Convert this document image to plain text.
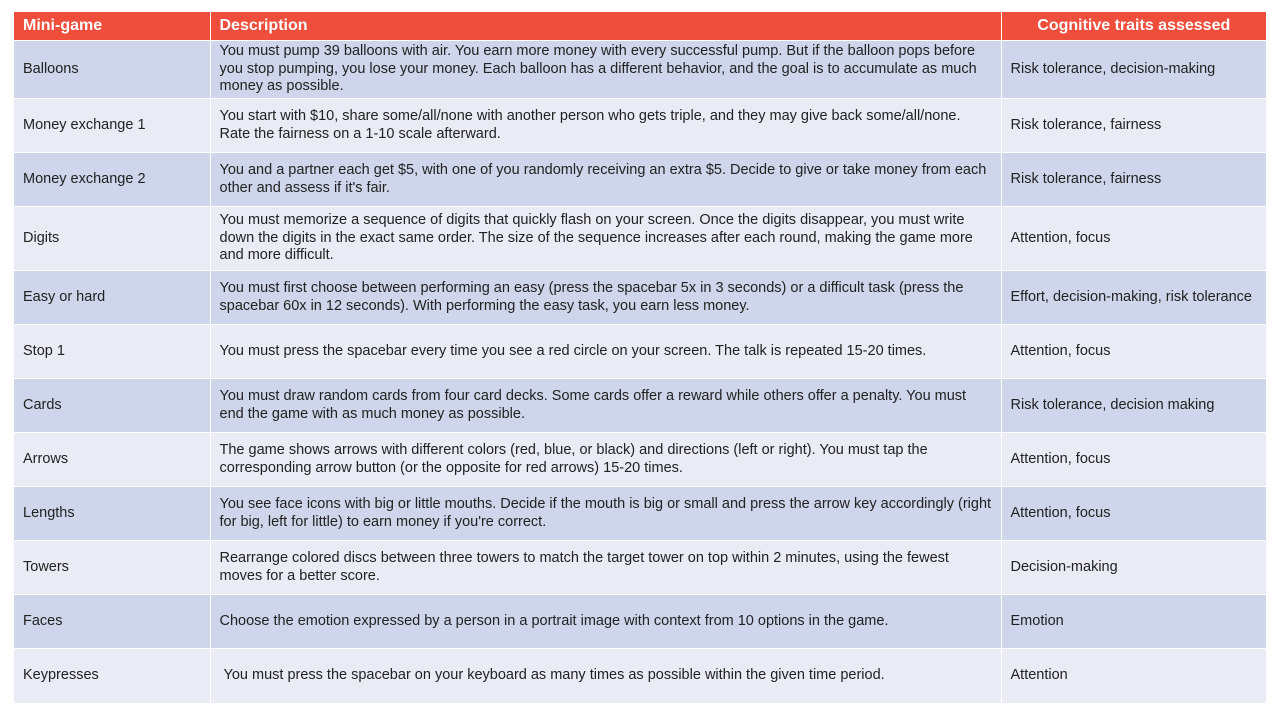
Mini-game	Description	Cognitive traits assessed
Balloons	You must pump 39 balloons with air. You earn more money with every successful pump. But if the balloon pops before you stop pumping, you lose your money. Each balloon has a different behavior, and the goal is to accumulate as much money as possible.	Risk tolerance, decision-making
Money exchange 1	You start with $10, share some/all/none with another person who gets triple, and they may give back some/all/none. Rate the fairness on a 1-10 scale afterward.	Risk tolerance, fairness
Money exchange 2	You and a partner each get $5, with one of you randomly receiving an extra $5. Decide to give or take money from each other and assess if it's fair.	Risk tolerance, fairness
Digits	You must memorize a sequence of digits that quickly flash on your screen. Once the digits disappear, you must write down the digits in the exact same order. The size of the sequence increases after each round, making the game more and more difficult.	Attention, focus
Easy or hard	You must first choose between performing an easy (press the spacebar 5x in 3 seconds) or a difficult task (press the spacebar 60x in 12 seconds). With performing the easy task, you earn less money.	Effort, decision-making, risk tolerance
Stop 1	You must press the spacebar every time you see a red circle on your screen. The talk is repeated 15-20 times.	Attention, focus
Cards	You must draw random cards from four card decks. Some cards offer a reward while others offer a penalty. You must end the game with as much money as possible.	Risk tolerance, decision making
Arrows	The game shows arrows with different colors (red, blue, or black) and directions (left or right). You must tap the corresponding arrow button (or the opposite for red arrows) 15-20 times.	Attention, focus
Lengths	You see face icons with big or little mouths. Decide if the mouth is big or small and press the arrow key accordingly (right for big, left for little) to earn money if you're correct.	Attention, focus
Towers	Rearrange colored discs between three towers to match the target tower on top within 2 minutes, using the fewest moves for a better score.	Decision-making
Faces	Choose the emotion expressed by a person in a portrait image with context from 10 options in the game.	Emotion
Keypresses	You must press the spacebar on your keyboard as many times as possible within the given time period.	Attention
